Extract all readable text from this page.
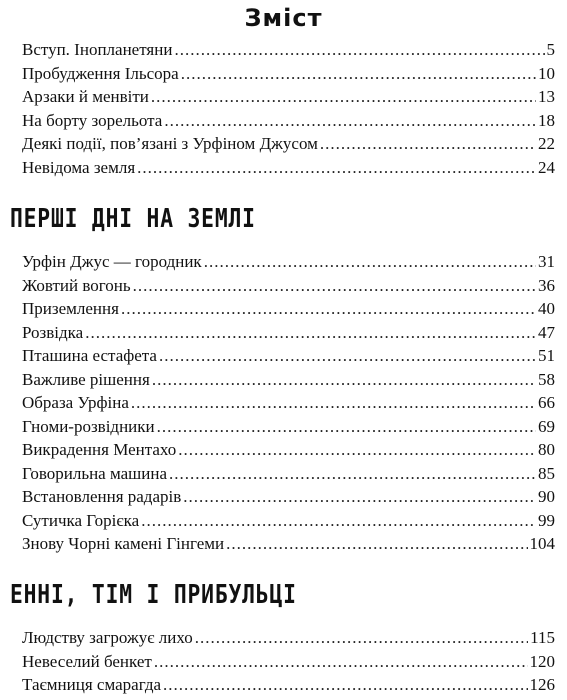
Зміст
Вступ. Інопланетяни .....	5
Пробудження Ільсора .....	10
Арзаки й менвіти .....	13
На борту зорельота .....	18
Деякі події, пов’язані з Урфіном Джусом .....	22
Невідома земля .....	24
ПЕРШІ ДНІ НА ЗЕМЛІ
Урфін Джус — городник .....	31
Жовтий вогонь .....	36
Приземлення .....	40
Розвідка .....	47
Пташина естафета .....	51
Важливе рішення .....	58
Образа Урфіна .....	66
Гноми-розвідники .....	69
Викрадення Ментахо .....	80
Говорильна машина .....	85
Встановлення радарів .....	90
Сутичка Горієка .....	99
Знову Чорні камені Гінгеми .....	104
ЕННІ, ТІМ І ПРИБУЛЬЦІ
Людству загрожує лихо .....	115
Невеселий бенкет .....	120
Таємниця смарагда .....	126
